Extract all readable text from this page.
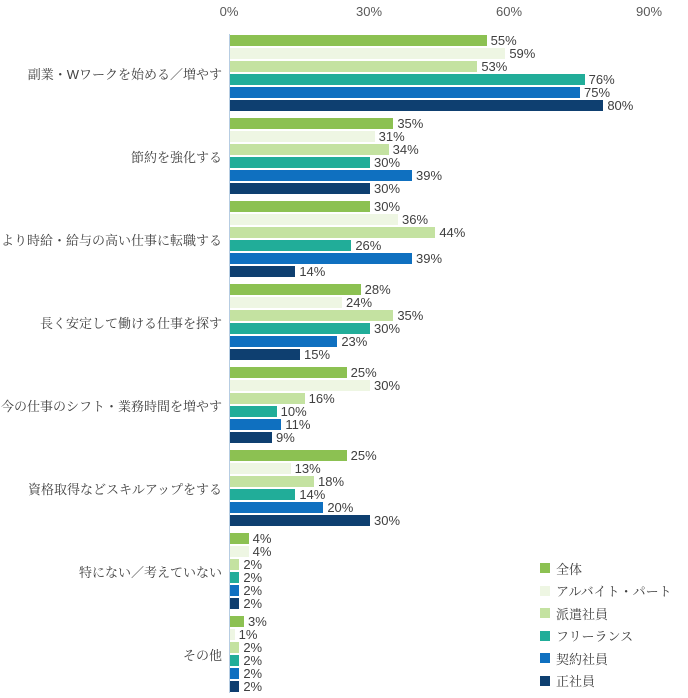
0%	30%	60%	90%
副業・Wワークを始める／増やす
節約を強化する
より時給・給与の高い仕事に転職する
長く安定して働ける仕事を探す
今の仕事のシフト・業務時間を増やす
資格取得などスキルアップをする
特にない／考えていない
その他
55%
59%
53%
76%
75%
80%
35%
31%
34%
30%
39%
30%
30%
36%
44%
26%
39%
14%
28%
24%
35%
30%
23%
15%
25%
30%
16%
10%
11%
9%
25%
13%
18%
14%
20%
30%
4%
4%
2%
2%
2%
2%
3%
1%
2%
2%
2%
2%
全体
アルバイト・パート
派遣社員
フリーランス
契約社員
正社員
